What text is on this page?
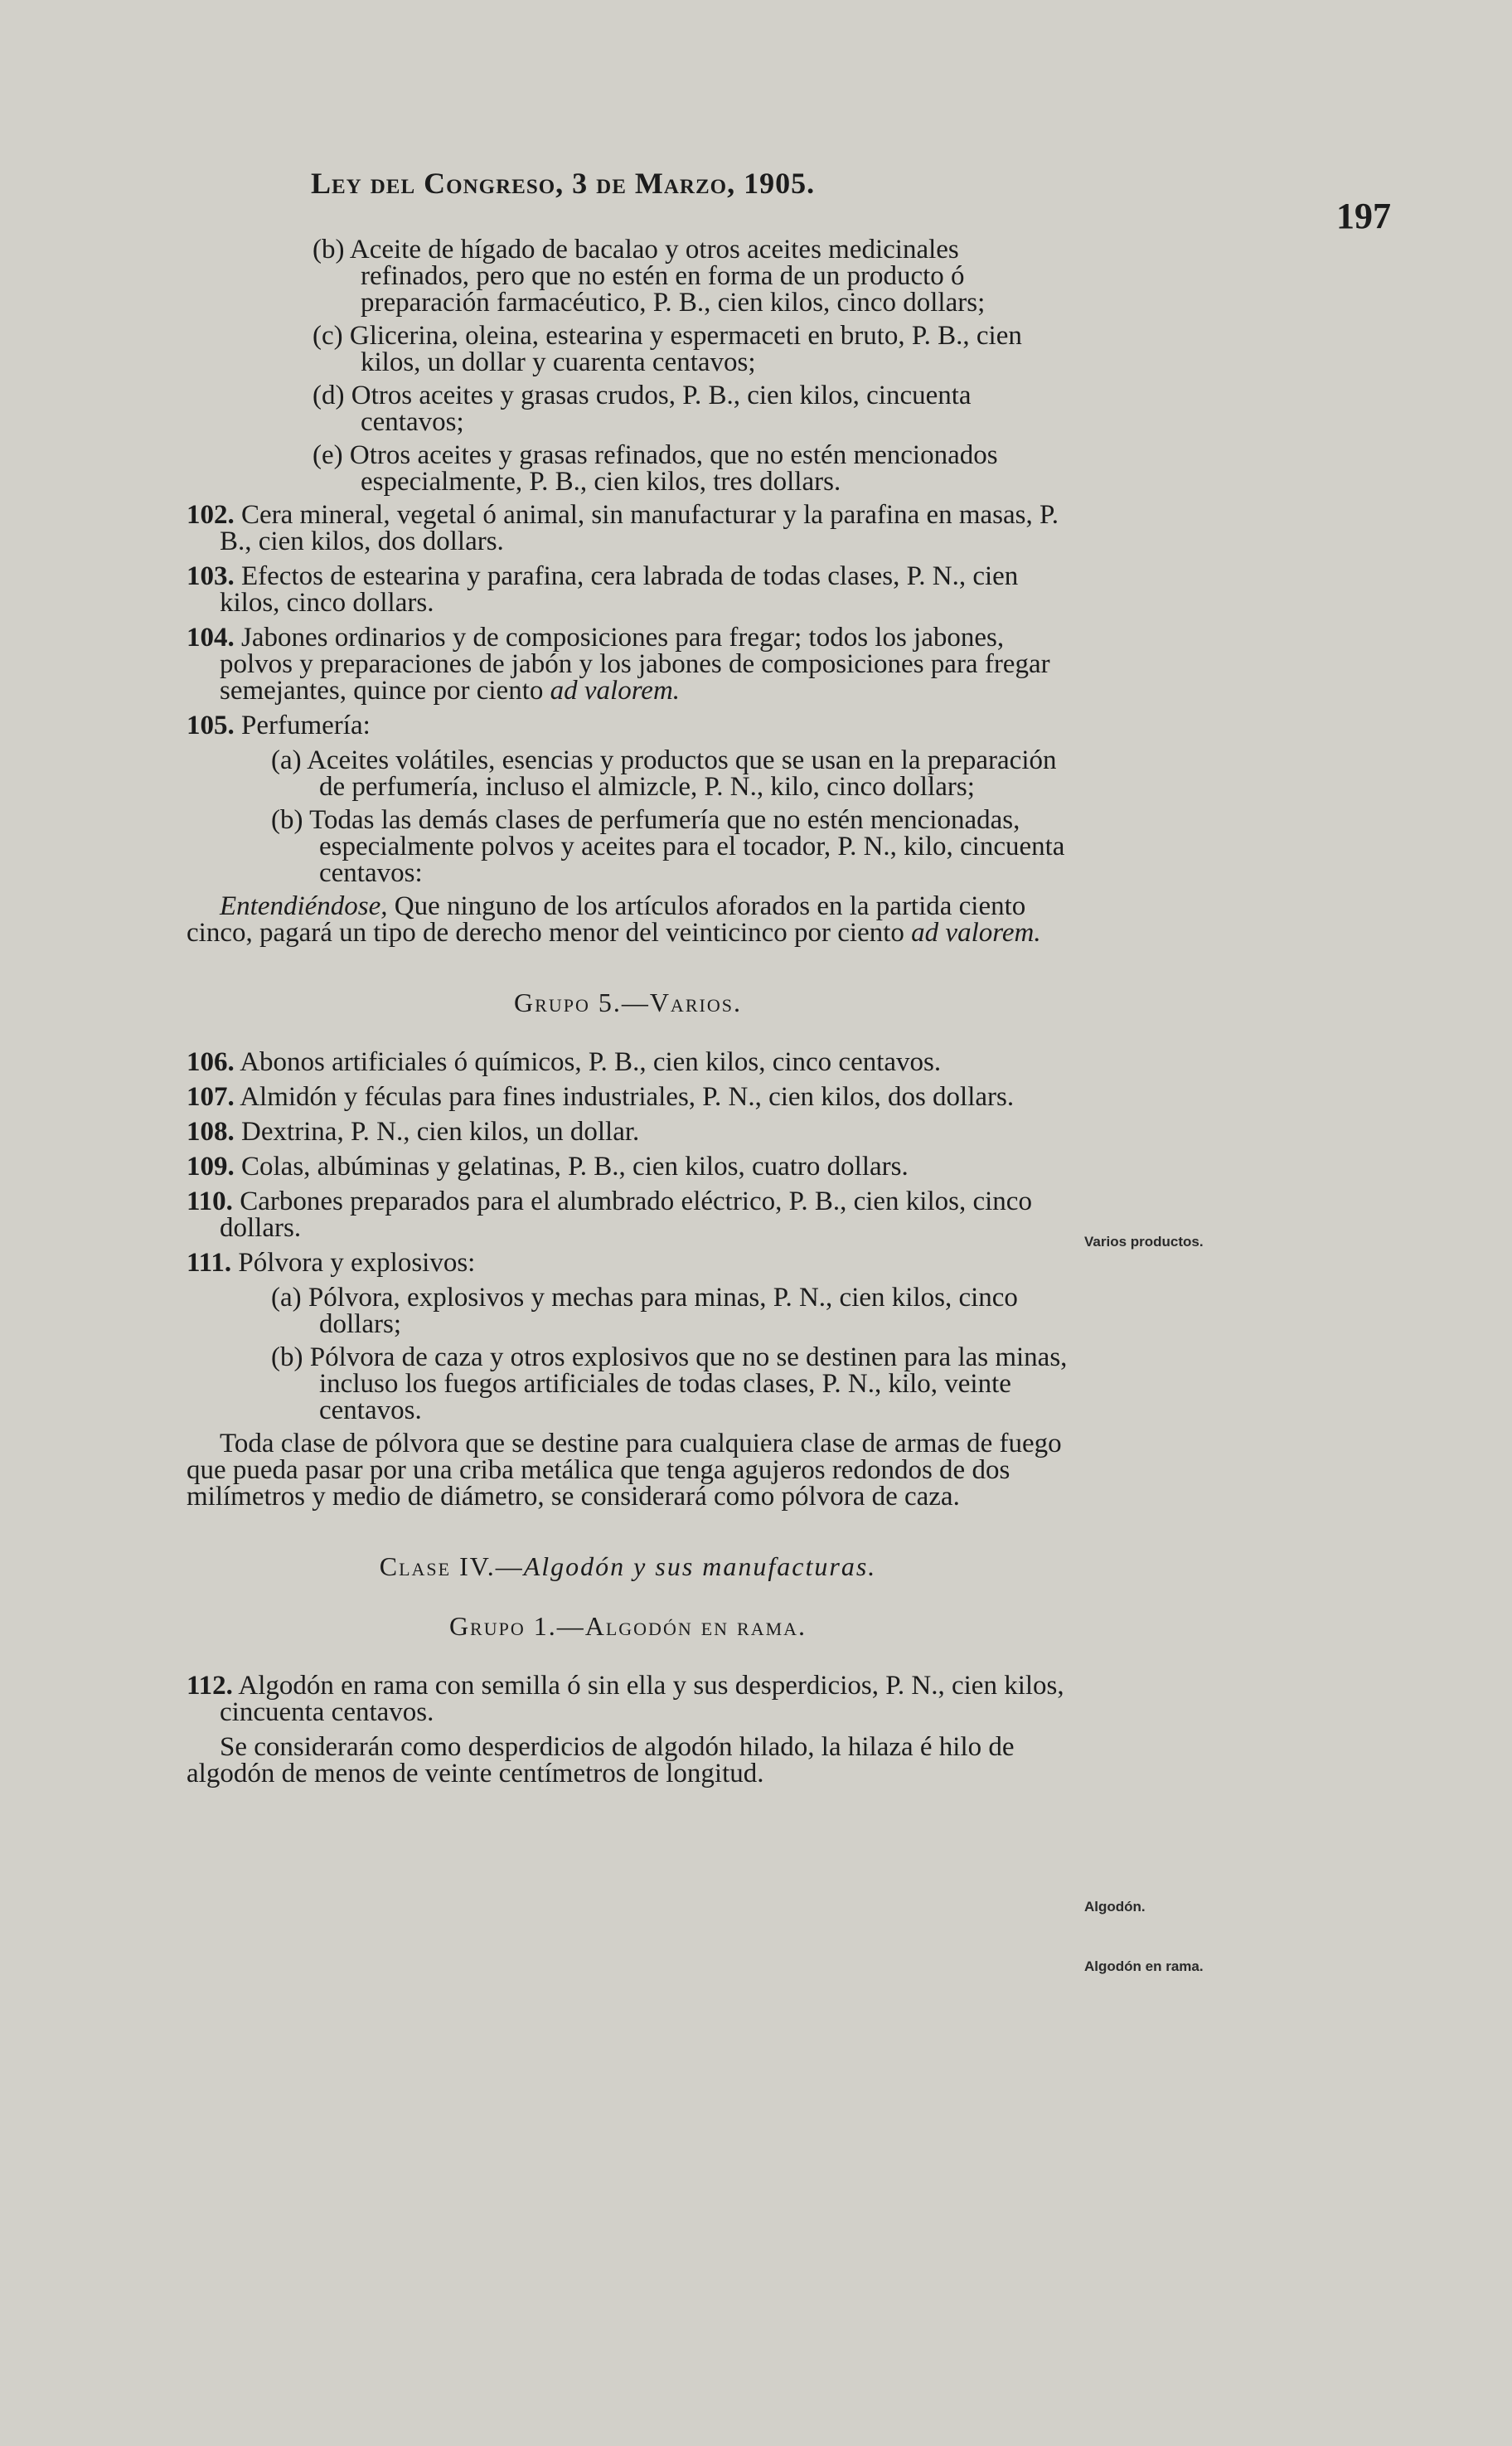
Ley del Congreso, 3 de Marzo, 1905.
197

(b) Aceite de hígado de bacalao y otros aceites medicinales refinados, pero que no estén en forma de un producto ó preparación farmacéutico, P. B., cien kilos, cinco dollars;

(c) Glicerina, oleina, estearina y espermaceti en bruto, P. B., cien kilos, un dollar y cuarenta centavos;

(d) Otros aceites y grasas crudos, P. B., cien kilos, cincuenta centavos;

(e) Otros aceites y grasas refinados, que no estén mencionados especialmente, P. B., cien kilos, tres dollars.

102. Cera mineral, vegetal ó animal, sin manufacturar y la parafina en masas, P. B., cien kilos, dos dollars.

103. Efectos de estearina y parafina, cera labrada de todas clases, P. N., cien kilos, cinco dollars.

104. Jabones ordinarios y de composiciones para fregar; todos los jabones, polvos y preparaciones de jabón y los jabones de composiciones para fregar semejantes, quince por ciento ad valorem.

105. Perfumería:

(a) Aceites volátiles, esencias y productos que se usan en la preparación de perfumería, incluso el almizcle, P. N., kilo, cinco dollars;

(b) Todas las demás clases de perfumería que no estén mencionadas, especialmente polvos y aceites para el tocador, P. N., kilo, cincuenta centavos:

Entendiéndose, Que ninguno de los artículos aforados en la partida ciento cinco, pagará un tipo de derecho menor del veinticinco por ciento ad valorem.

Grupo 5.—Varios.

106. Abonos artificiales ó químicos, P. B., cien kilos, cinco centavos.

107. Almidón y féculas para fines industriales, P. N., cien kilos, dos dollars.

108. Dextrina, P. N., cien kilos, un dollar.

109. Colas, albúminas y gelatinas, P. B., cien kilos, cuatro dollars.

110. Carbones preparados para el alumbrado eléctrico, P. B., cien kilos, cinco dollars.

111. Pólvora y explosivos:

(a) Pólvora, explosivos y mechas para minas, P. N., cien kilos, cinco dollars;

(b) Pólvora de caza y otros explosivos que no se destinen para las minas, incluso los fuegos artificiales de todas clases, P. N., kilo, veinte centavos.

Toda clase de pólvora que se destine para cualquiera clase de armas de fuego que pueda pasar por una criba metálica que tenga agujeros redondos de dos milímetros y medio de diámetro, se considerará como pólvora de caza.

Clase IV.—Algodón y sus manufacturas.
Grupo 1.—Algodón en rama.

112. Algodón en rama con semilla ó sin ella y sus desperdicios, P. N., cien kilos, cincuenta centavos.

Se considerarán como desperdicios de algodón hilado, la hilaza é hilo de algodón de menos de veinte centímetros de longitud.

Varios productos.
Algodón.
Algodón en rama.
